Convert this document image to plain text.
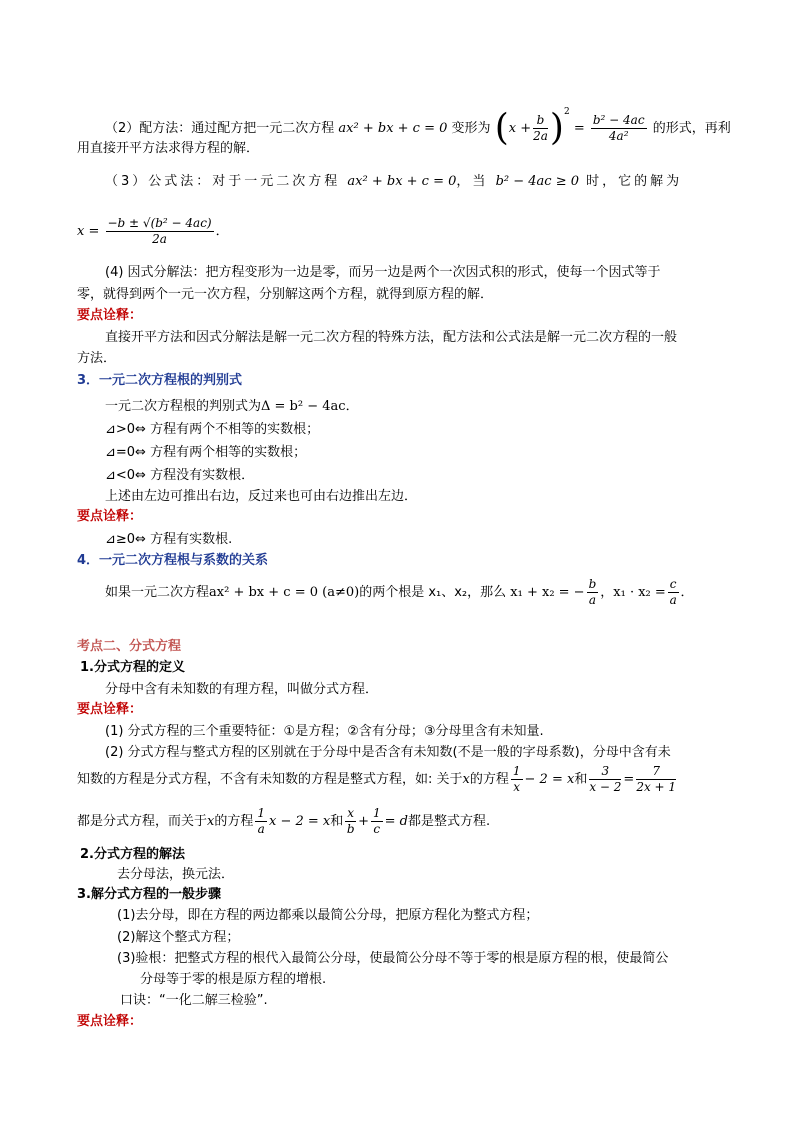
（2）配方法：通过配方把一元二次方程 ax² + bx + c = 0 变形为 $(x + \frac{b}{2a} )^2 = \frac{\text{b² − 4ac}}{\text{4a²}}$ 的形式，再利
用直接开平方法求得方程的解．
（3）公式法：对于一元二次方程 ax² + bx + c = 0，当 b² − 4ac ≥ 0 时，它的解为
$x = \frac{\text{−b ± √(b² − 4ac)}}{2a}$ ．
(4) 因式分解法：把方程变形为一边是零，而另一边是两个一次因式积的形式，使每一个因式等于
零，就得到两个一元一次方程，分别解这两个方程，就得到原方程的解．
要点诠释：
直接开平方法和因式分解法是解一元二次方程的特殊方法，配方法和公式法是解一元二次方程的一般
方法．
3．一元二次方程根的判别式
一元二次方程根的判别式为Δ = b² − 4ac．
⊿>0⇔ 方程有两个不相等的实数根；
⊿=0⇔ 方程有两个相等的实数根；
⊿<0⇔ 方程没有实数根．
上述由左边可推出右边，反过来也可由右边推出左边．
要点诠释：
⊿≥0⇔ 方程有实数根.
4．一元二次方程根与系数的关系
如果一元二次方程ax² + bx + c = 0 (a≠0)的两个根是 x₁、x₂，那么 x₁ + x₂ = − $\frac{b}{a}$ ，$x_1 \cdot x_2 = \frac{c}{a}$ ．
考点二、分式方程
1.分式方程的定义
分母中含有未知数的有理方程，叫做分式方程．
要点诠释：
(1) 分式方程的三个重要特征：①是方程；②含有分母；③分母里含有未知量.
(2) 分式方程与整式方程的区别就在于分母中是否含有未知数(不是一般的字母系数)，分母中含有未
知数的方程是分式方程，不含有未知数的方程是整式方程，如: 关于x的方程 $\frac{1}{x} - 2 = x$和 $\frac{3}{x - 2} = \frac{7}{2x + 1}$
都是分式方程，而关于x的方程 $\frac{1}{a}$ x − 2 = x和 $\frac{x}{b} + \frac{1}{c} = d$都是整式方程.
2.分式方程的解法
去分母法，换元法．
3.解分式方程的一般步骤
(1)去分母，即在方程的两边都乘以最简公分母，把原方程化为整式方程；
(2)解这个整式方程；
(3)验根：把整式方程的根代入最简公分母，使最简公分母不等于零的根是原方程的根，使最简公
分母等于零的根是原方程的增根.
口诀：“一化二解三检验”.
要点诠释：
